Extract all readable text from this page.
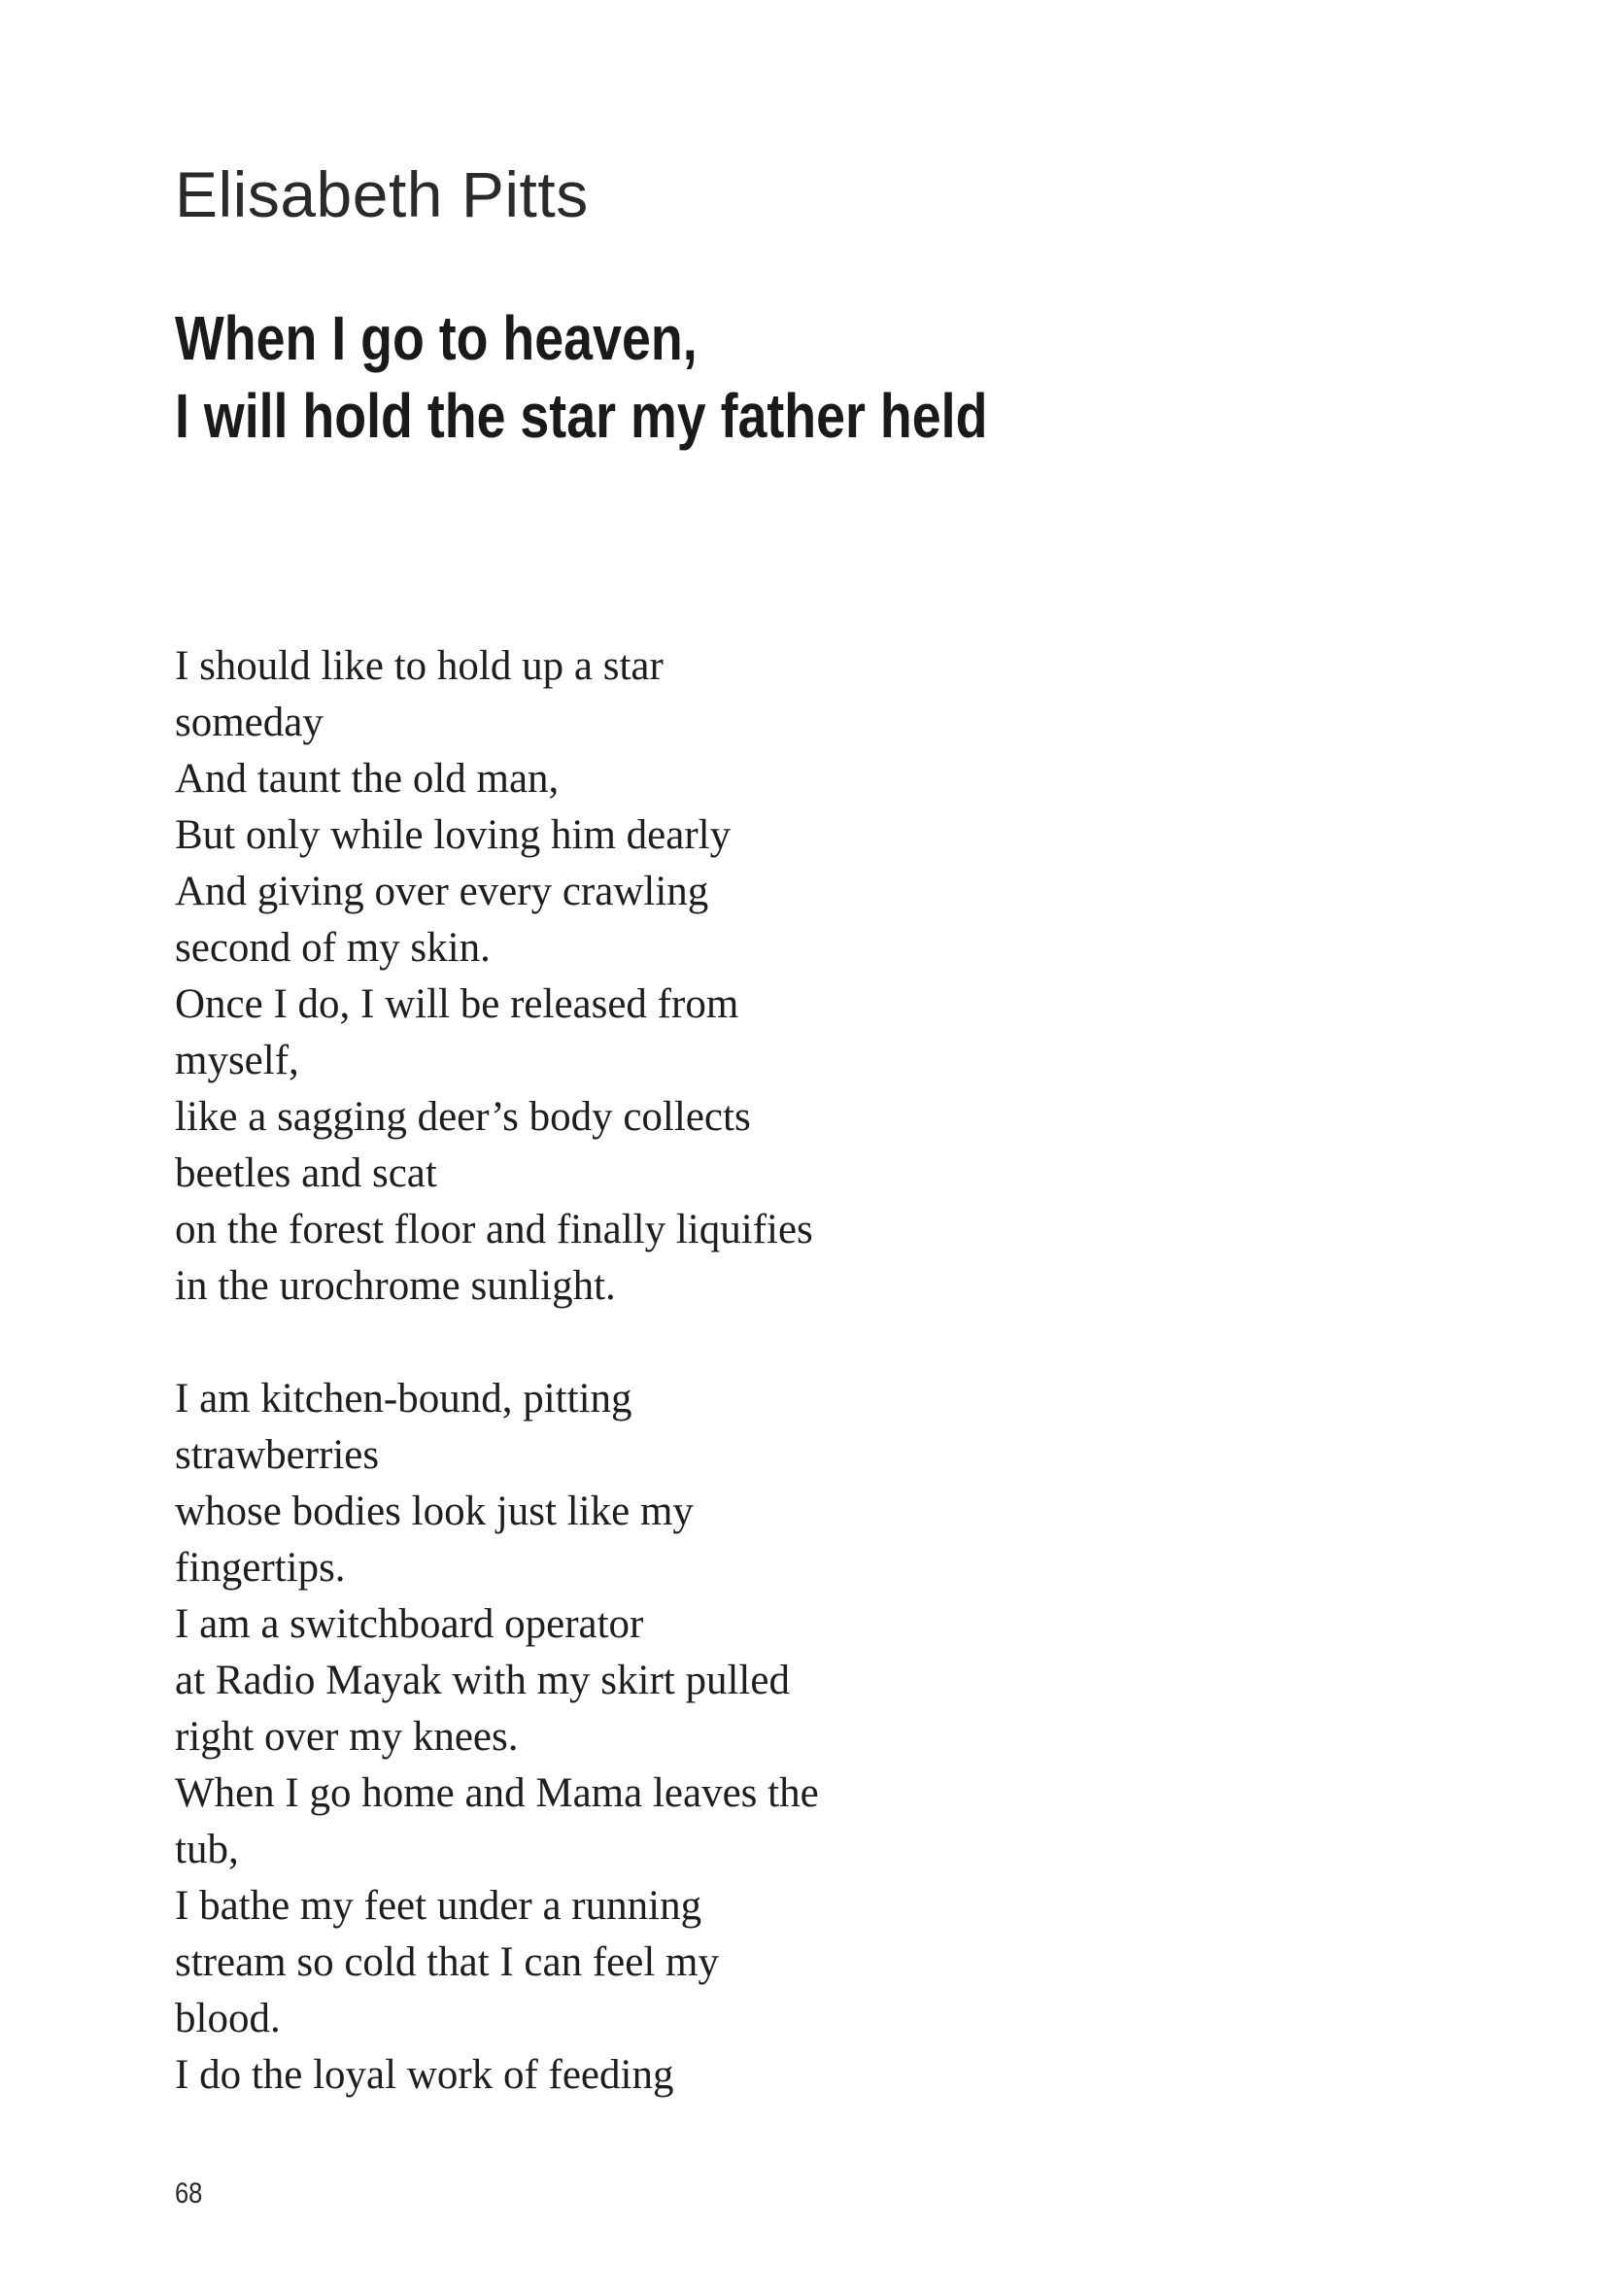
Elisabeth Pitts
When I go to heaven,
I will hold the star my father held
I should like to hold up a star
someday
And taunt the old man,
But only while loving him dearly
And giving over every crawling
second of my skin.
Once I do, I will be released from
myself,
like a sagging deer’s body collects
beetles and scat
on the forest floor and finally liquifies
in the urochrome sunlight.
I am kitchen-bound, pitting
strawberries
whose bodies look just like my
fingertips.
I am a switchboard operator
at Radio Mayak with my skirt pulled
right over my knees.
When I go home and Mama leaves the
tub,
I bathe my feet under a running
stream so cold that I can feel my
blood.
I do the loyal work of feeding
68
